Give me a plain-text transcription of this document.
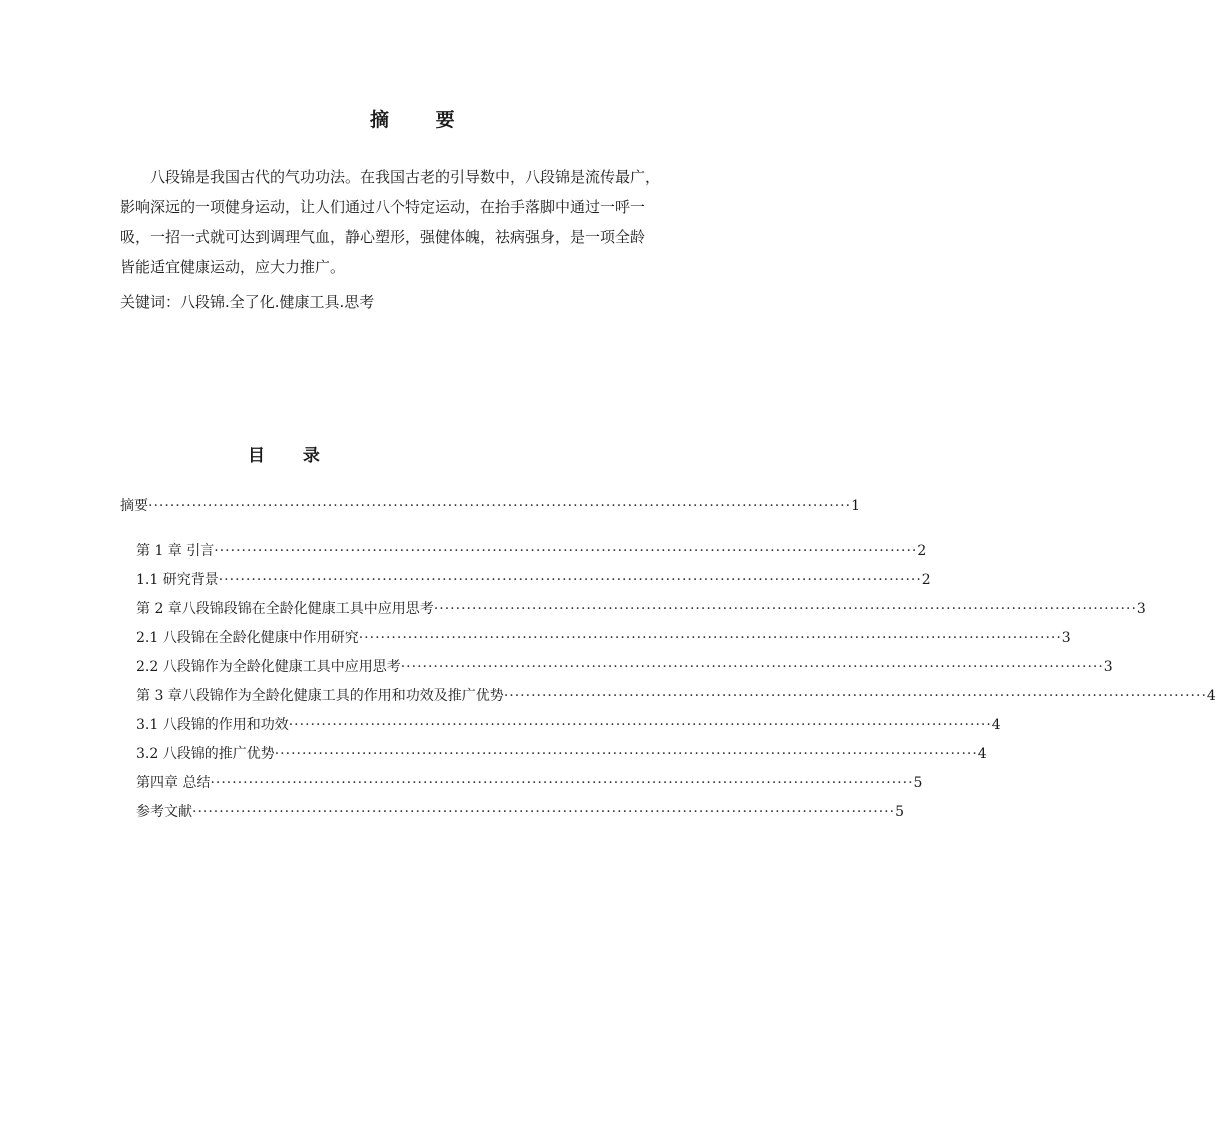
摘 要
八段锦是我国古代的气功功法。在我国古老的引导数中，八段锦是流传最广，
影响深远的一项健身运动，让人们通过八个特定运动，在抬手落脚中通过一呼一
吸，一招一式就可达到调理气血，静心塑形，强健体魄，祛病强身，是一项全龄
皆能适宜健康运动，应大力推广。
关键词：八段锦.全了化.健康工具.思考
目 录
摘要 ································································································································· 1
第 1 章 引言 ································································································································· 2
1.1 研究背景 ································································································································· 2
第 2 章八段锦段锦在全龄化健康工具中应用思考 ································································································································· 3
2.1 八段锦在全龄化健康中作用研究 ································································································································· 3
2.2 八段锦作为全龄化健康工具中应用思考 ································································································································· 3
第 3 章八段锦作为全龄化健康工具的作用和功效及推广优势 ································································································································· 4
3.1 八段锦的作用和功效 ································································································································· 4
3.2 八段锦的推广优势 ································································································································· 4
第四章 总结 ································································································································· 5
参考文献 ································································································································· 5
